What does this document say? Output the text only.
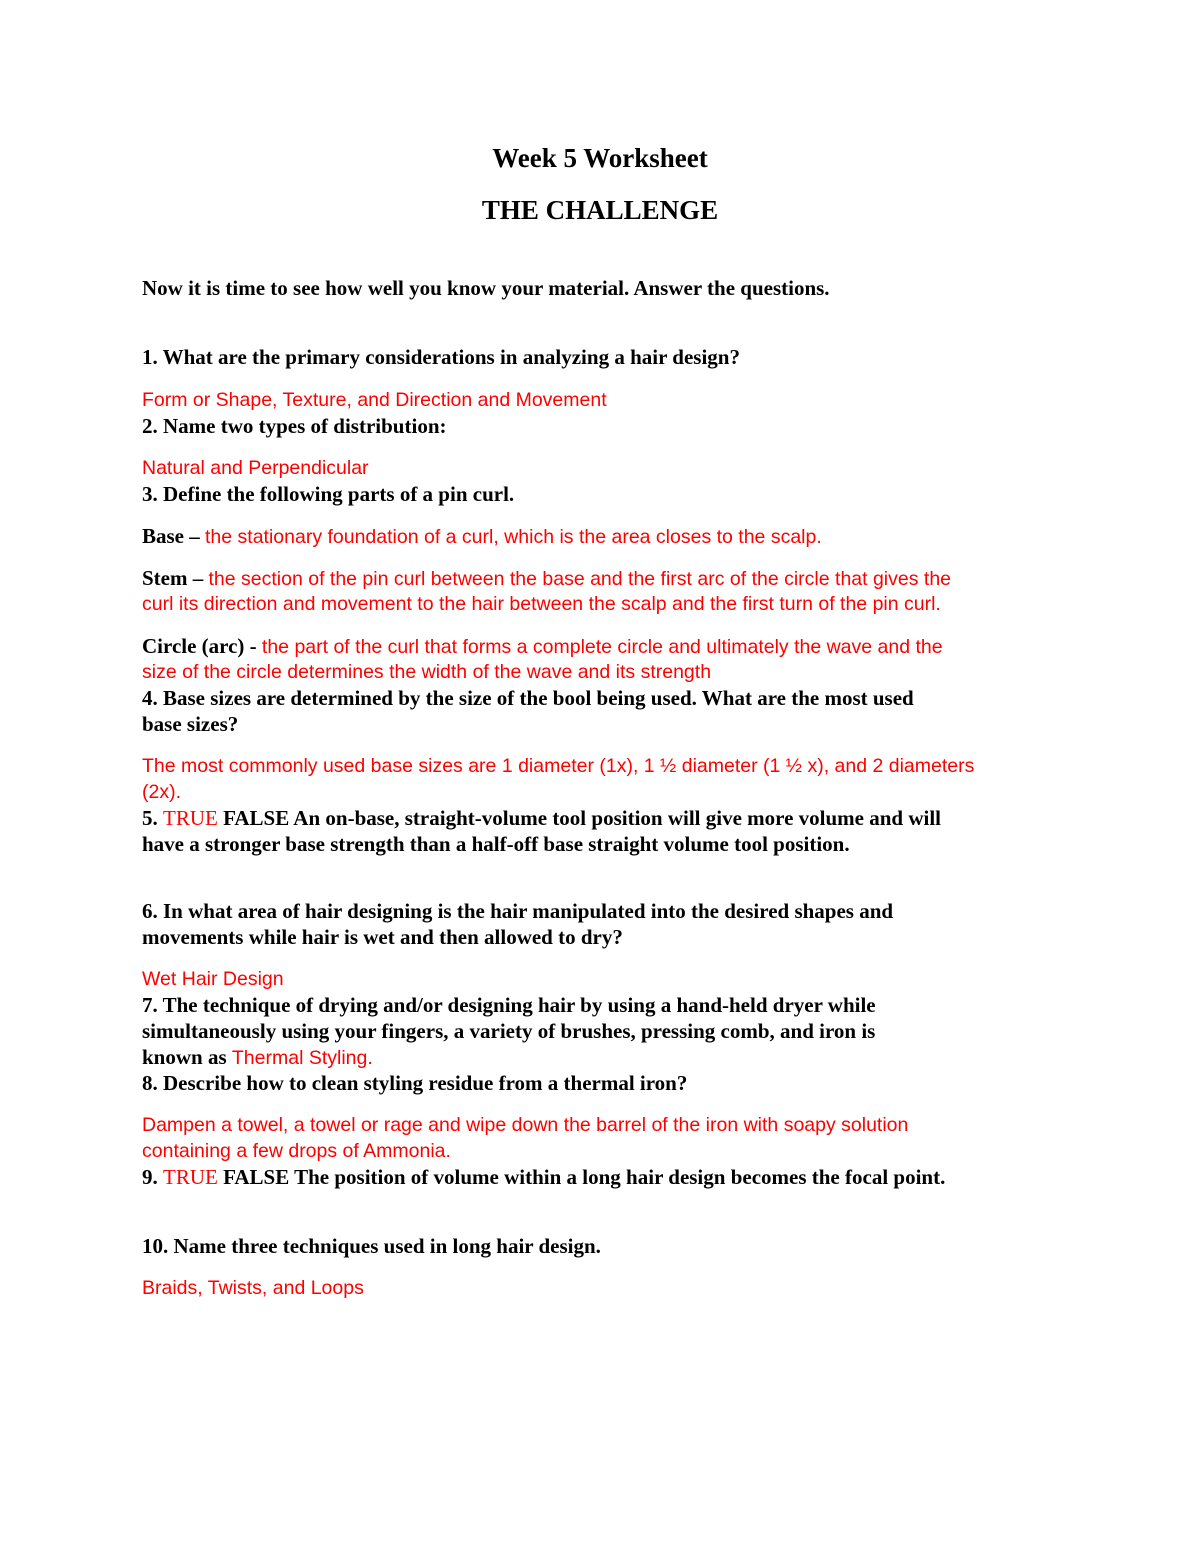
Week 5 Worksheet
THE CHALLENGE
Now it is time to see how well you know your material. Answer the questions.
1. What are the primary considerations in analyzing a hair design?
Form or Shape, Texture, and Direction and Movement
2. Name two types of distribution:
Natural and Perpendicular
3. Define the following parts of a pin curl.
Base – the stationary foundation of a curl, which is the area closes to the scalp.
Stem – the section of the pin curl between the base and the first arc of the circle that gives the
curl its direction and movement to the hair between the scalp and the first turn of the pin curl.
Circle (arc) - the part of the curl that forms a complete circle and ultimately the wave and the
size of the circle determines the width of the wave and its strength
4. Base sizes are determined by the size of the bool being used. What are the most used
base sizes?
The most commonly used base sizes are 1 diameter (1x), 1 ½ diameter (1 ½ x), and 2 diameters
(2x).
5. TRUE FALSE An on-base, straight-volume tool position will give more volume and will
have a stronger base strength than a half-off base straight volume tool position.
6. In what area of hair designing is the hair manipulated into the desired shapes and
movements while hair is wet and then allowed to dry?
Wet Hair Design
7. The technique of drying and/or designing hair by using a hand-held dryer while
simultaneously using your fingers, a variety of brushes, pressing comb, and iron is
known as Thermal Styling.
8. Describe how to clean styling residue from a thermal iron?
Dampen a towel, a towel or rage and wipe down the barrel of the iron with soapy solution
containing a few drops of Ammonia.
9. TRUE FALSE The position of volume within a long hair design becomes the focal point.
10. Name three techniques used in long hair design.
Braids, Twists, and Loops
